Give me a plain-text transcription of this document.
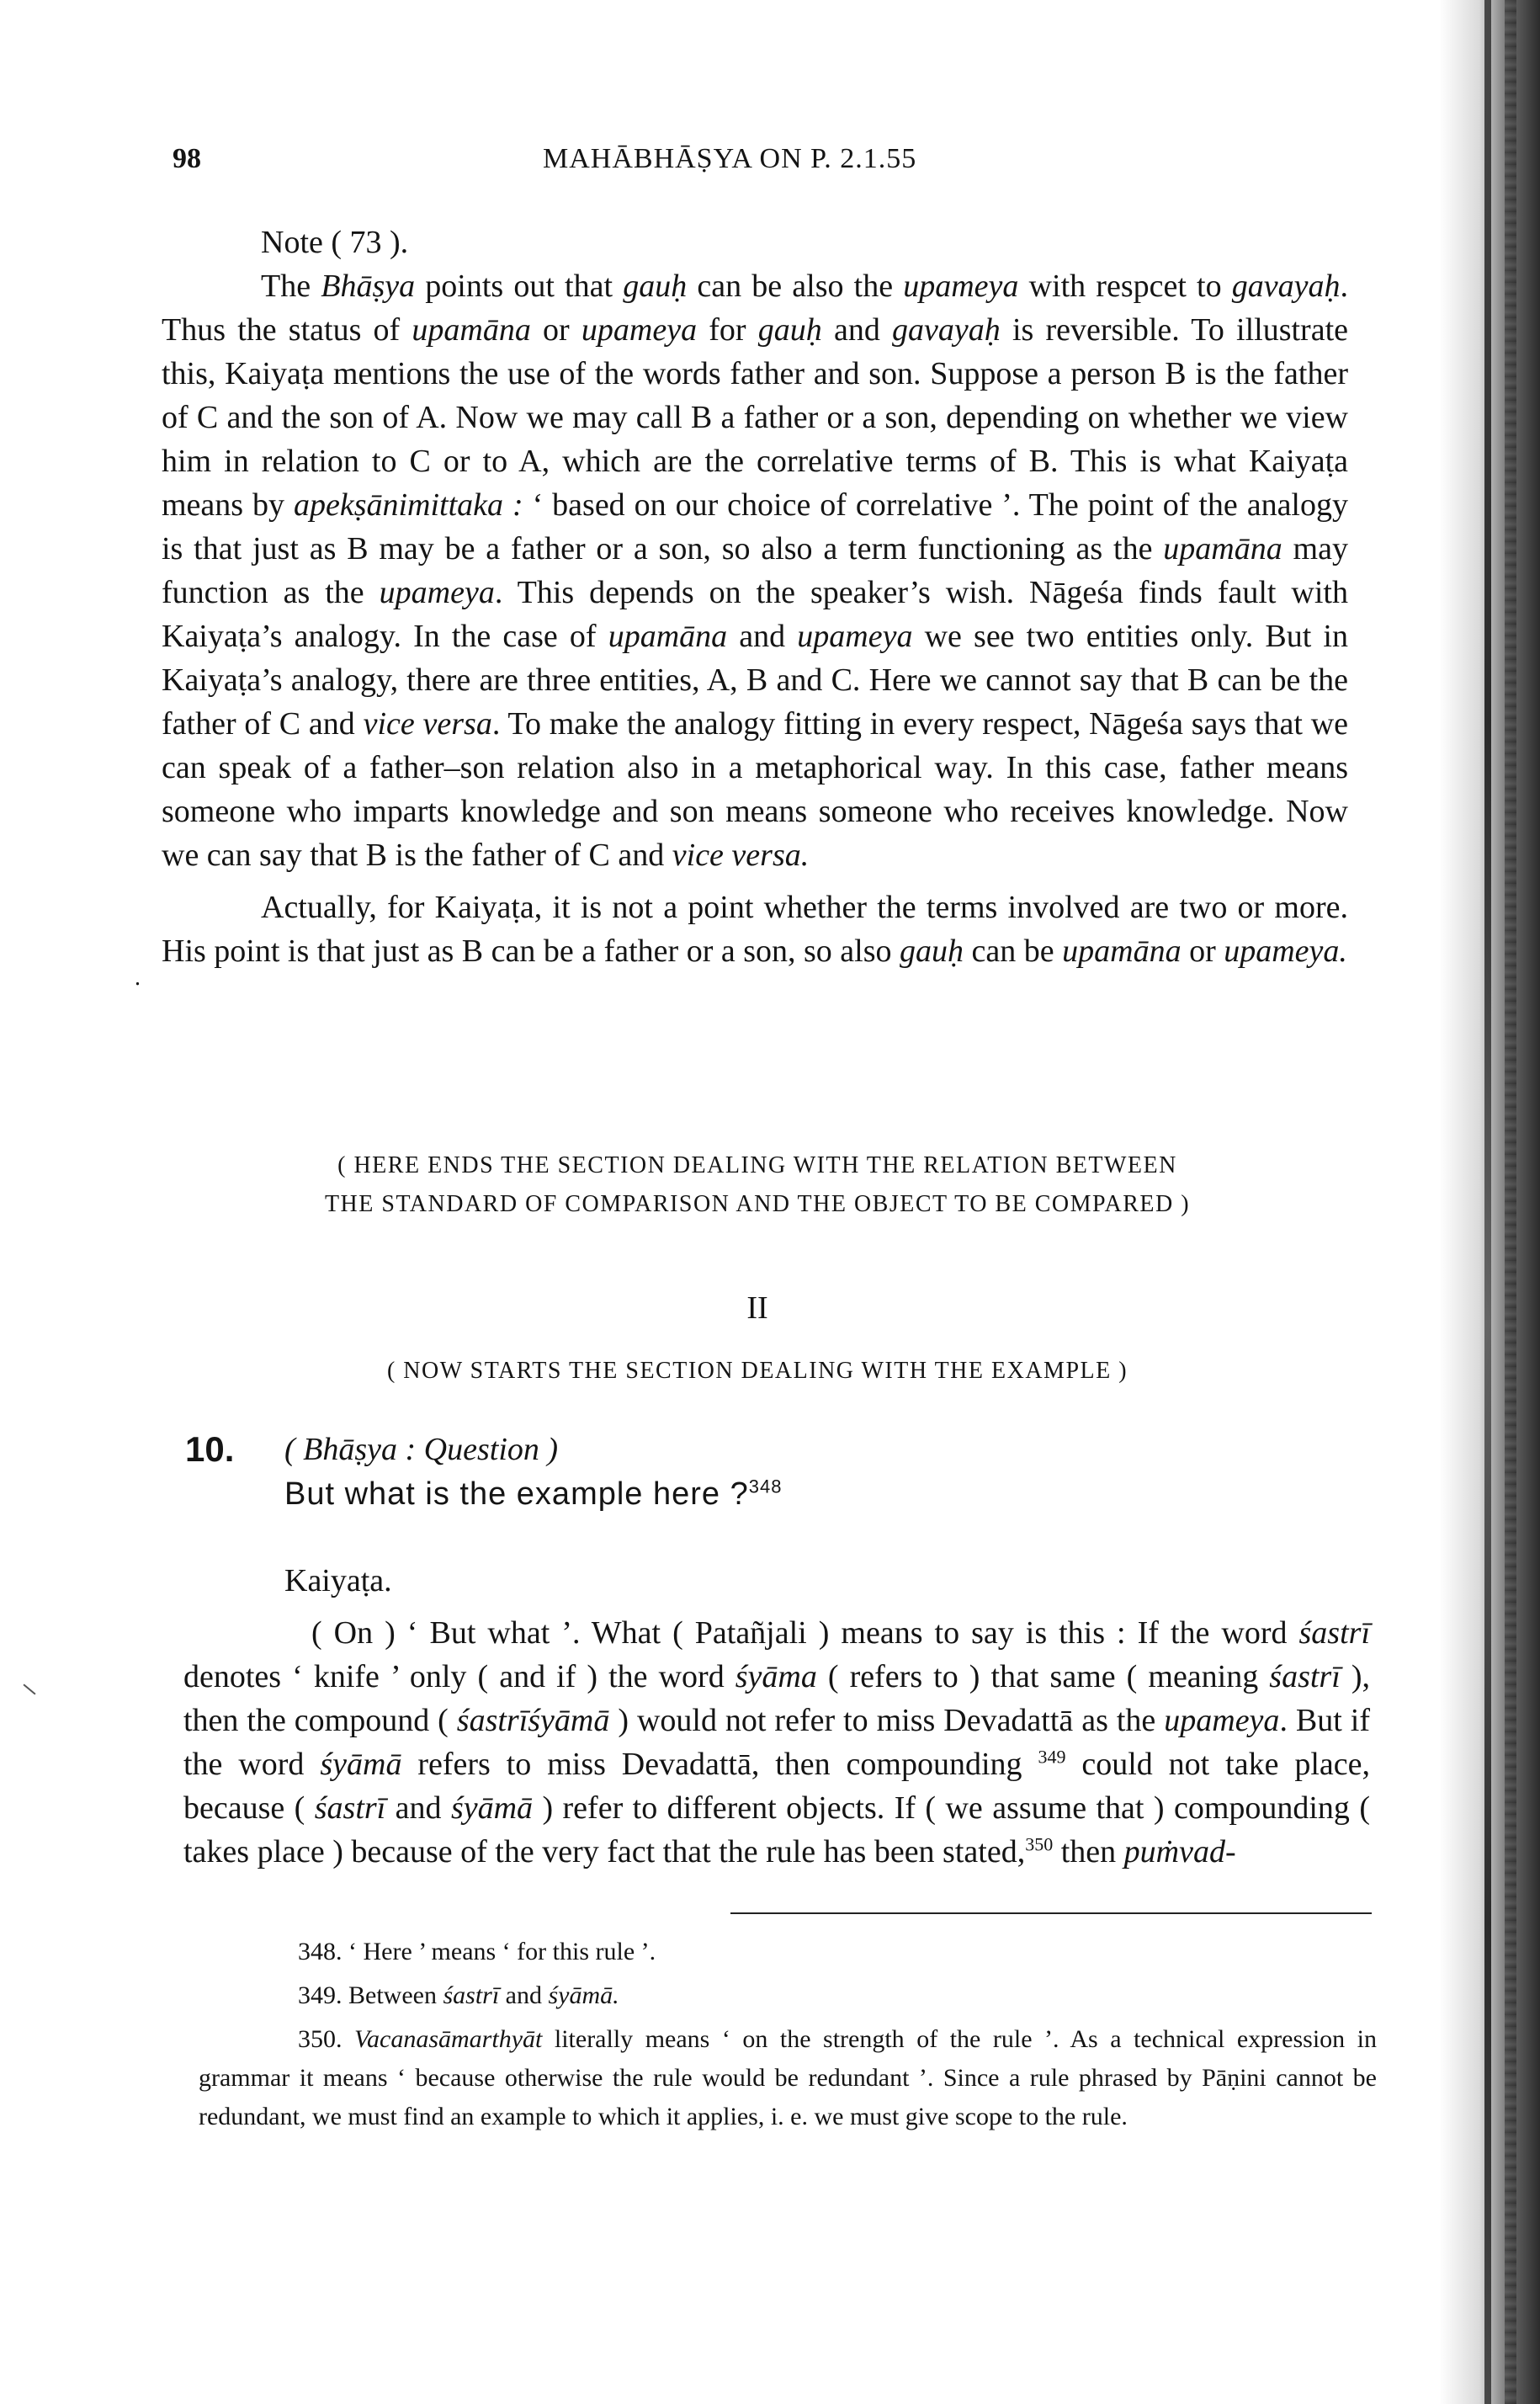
98	MAHĀBHĀṢYA ON P. 2.1.55

Note ( 73 ).

The Bhāṣya points out that gauḥ can be also the upameya with respcet to gavayaḥ. Thus the status of upamāna or upameya for gauḥ and gavayaḥ is reversible. To illustrate this, Kaiyaṭa mentions the use of the words father and son. Suppose a person B is the father of C and the son of A. Now we may call B a father or a son, depending on whether we view him in relation to C or to A, which are the correlative terms of B. This is what Kaiyaṭa means by apekṣānimittaka : ‘ based on our choice of correlative ’. The point of the analogy is that just as B may be a father or a son, so also a term functioning as the upamāna may function as the upameya. This depends on the speaker’s wish. Nāgeśa finds fault with Kaiyaṭa’s analogy. In the case of upamāna and upameya we see two entities only. But in Kaiyaṭa’s analogy, there are three entities, A, B and C. Here we cannot say that B can be the father of C and vice versa. To make the analogy fitting in every respect, Nāgeśa says that we can speak of a father–son relation also in a metaphorical way. In this case, father means someone who imparts knowledge and son means someone who receives knowledge. Now we can say that B is the father of C and vice versa.

Actually, for Kaiyaṭa, it is not a point whether the terms involved are two or more. His point is that just as B can be a father or a son, so also gauḥ can be upamāna or upameya.

( HERE ENDS THE SECTION DEALING WITH THE RELATION BETWEEN
THE STANDARD OF COMPARISON AND THE OBJECT TO BE COMPARED )
II
( NOW STARTS THE SECTION DEALING WITH THE EXAMPLE )
10. ( Bhāṣya : Question )
But what is the example here ?$^{348}$

Kaiyaṭa.

( On ) ‘ But what ’. What ( Patañjali ) means to say is this : If the word śastrī denotes ‘ knife ’ only ( and if ) the word śyāma ( refers to ) that same ( meaning śastrī ), then the compound ( śastrīśyāmā ) would not refer to miss Devadattā as the upameya. But if the word śyāmā refers to miss Devadattā, then compounding $^{349}$ could not take place, because ( śastrī and śyāmā ) refer to different objects. If ( we assume that ) compounding ( takes place ) because of the very fact that the rule has been stated,$^{350}$ then puṁvad-

348. ‘ Here ’ means ‘ for this rule ’.

349. Between śastrī and śyāmā.

350. Vacanasāmarthyāt literally means ‘ on the strength of the rule ’. As a technical expression in grammar it means ‘ because otherwise the rule would be redundant ’. Since a rule phrased by Pāṇini cannot be redundant, we must find an example to which it applies, i. e. we must give scope to the rule.

⸱
